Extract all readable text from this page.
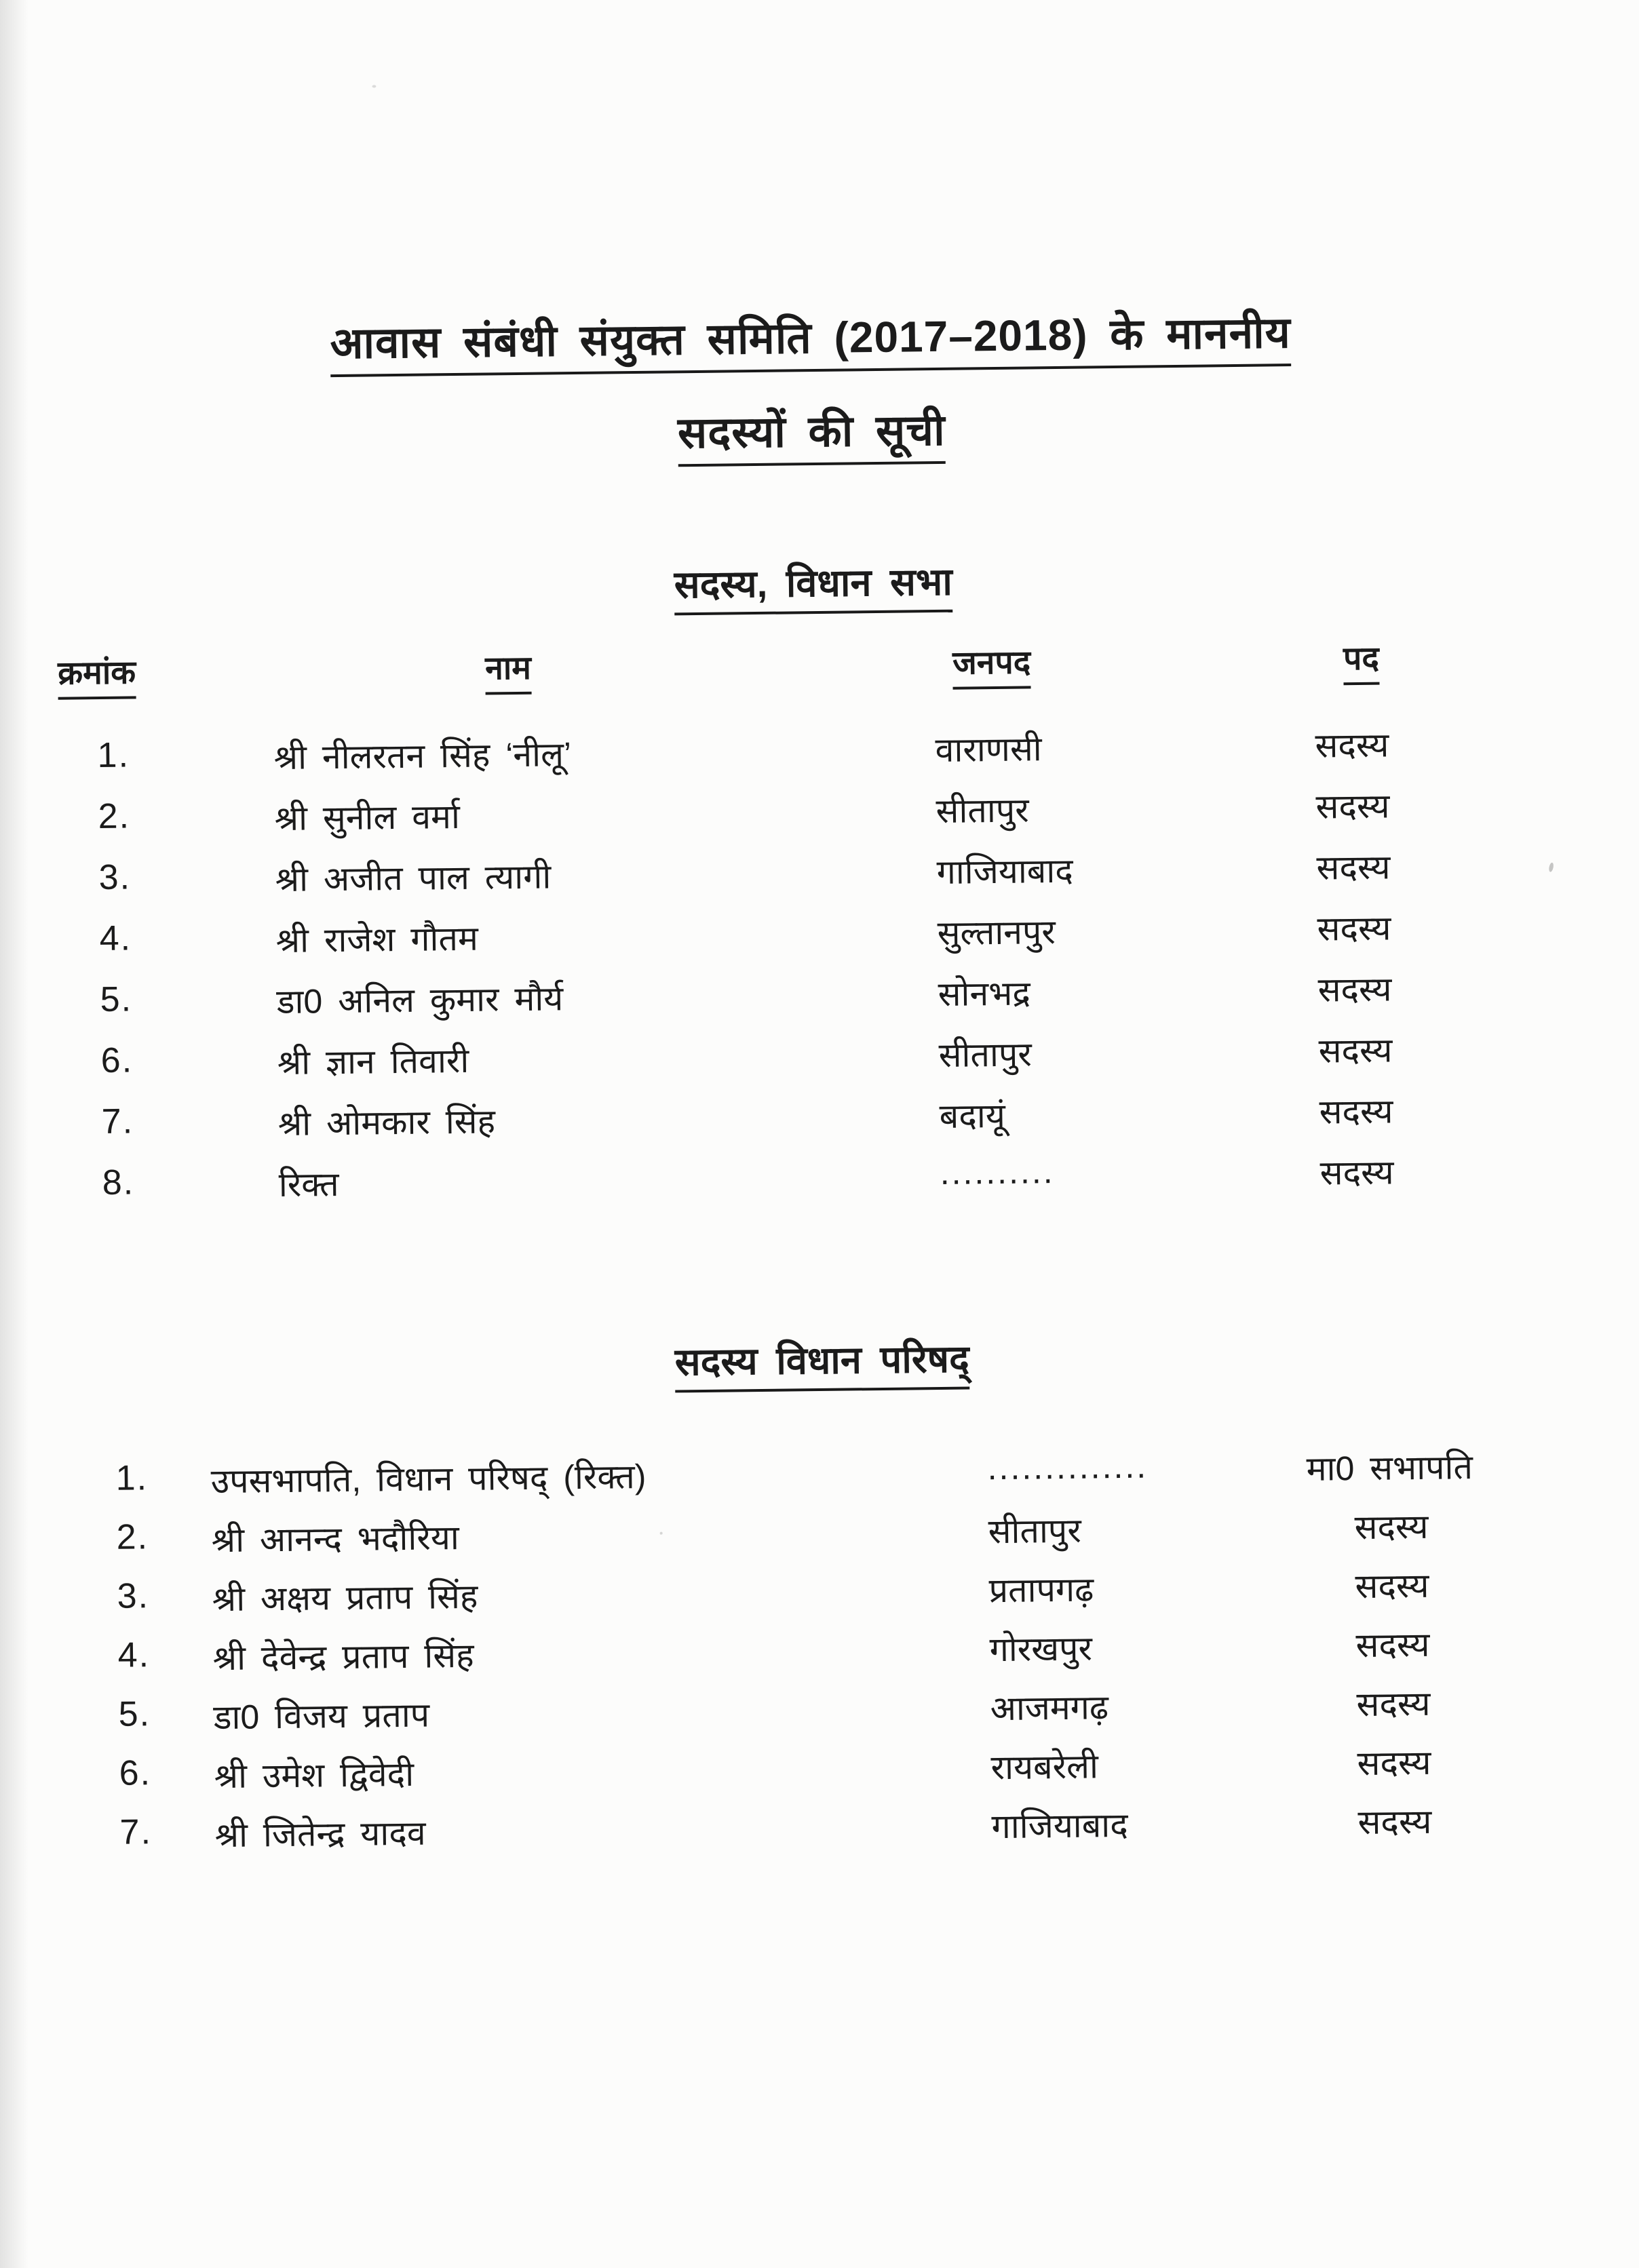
आवास संबंधी संयुक्त समिति (2017–2018) के माननीय
सदस्यों की सूची
सदस्य, विधान सभा
क्रमांक	नाम	जनपद	पद
1.	श्री नीलरतन सिंह ‘नीलू’	वाराणसी	सदस्य
2.	श्री सुनील वर्मा	सीतापुर	सदस्य
3.	श्री अजीत पाल त्यागी	गाजियाबाद	सदस्य
4.	श्री राजेश गौतम	सुल्तानपुर	सदस्य
5.	डा0 अनिल कुमार मौर्य	सोनभद्र	सदस्य
6.	श्री ज्ञान तिवारी	सीतापुर	सदस्य
7.	श्री ओमकार सिंह	बदायूं	सदस्य
8.	रिक्त	..........	सदस्य
सदस्य विधान परिषद्
1.	उपसभापति, विधान परिषद् (रिक्त)	..............	मा0 सभापति
2.	श्री आनन्द भदौरिया	सीतापुर	सदस्य
3.	श्री अक्षय प्रताप सिंह	प्रतापगढ़	सदस्य
4.	श्री देवेन्द्र प्रताप सिंह	गोरखपुर	सदस्य
5.	डा0 विजय प्रताप	आजमगढ़	सदस्य
6.	श्री उमेश द्विवेदी	रायबरेली	सदस्य
7.	श्री जितेन्द्र यादव	गाजियाबाद	सदस्य
